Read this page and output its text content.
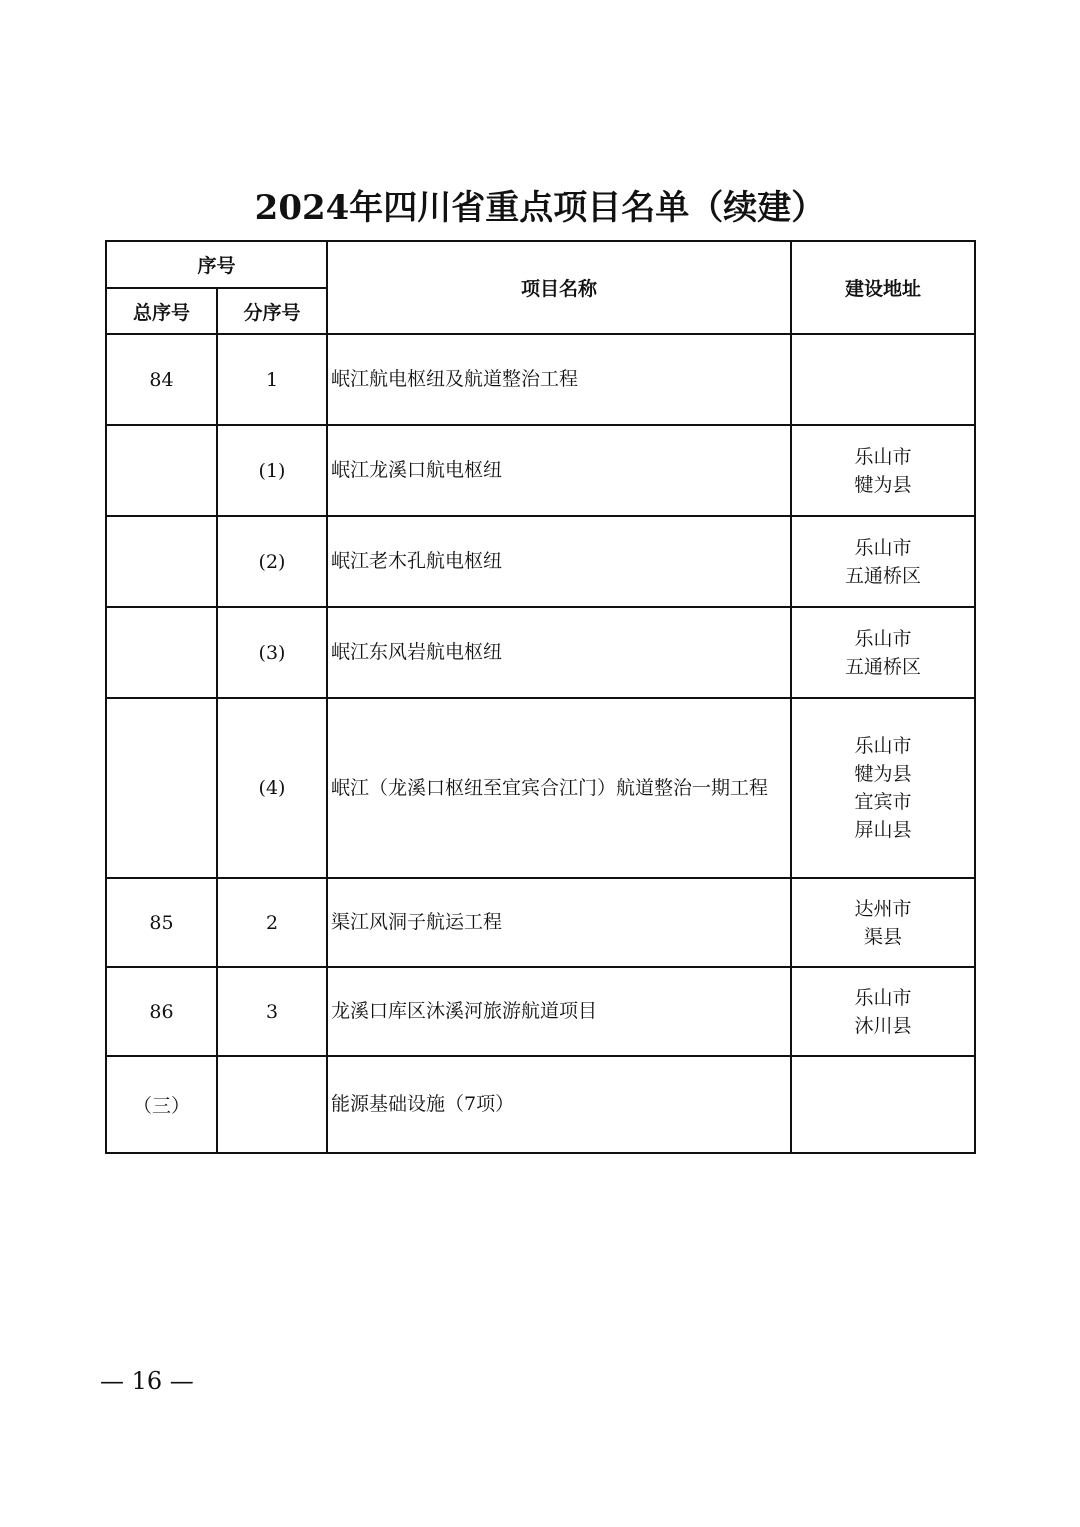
2024年四川省重点项目名单（续建）
序号		项目名称	建设地址
总序号	分序号		
84	1	岷江航电枢纽及航道整治工程	
	(1)	岷江龙溪口航电枢纽	乐山市
犍为县

	(2)	岷江老木孔航电枢纽	乐山市
五通桥区

	(3)	岷江东风岩航电枢纽	乐山市
五通桥区

	(4)	岷江（龙溪口枢纽至宜宾合江门）航道整治一期工程	乐山市
犍为县
宜宾市
屏山县

85	2	渠江风洞子航运工程	达州市
渠县

86	3	龙溪口库区沐溪河旅游航道项目	乐山市
沐川县

（三）		能源基础设施（7项）	
— 16 —
